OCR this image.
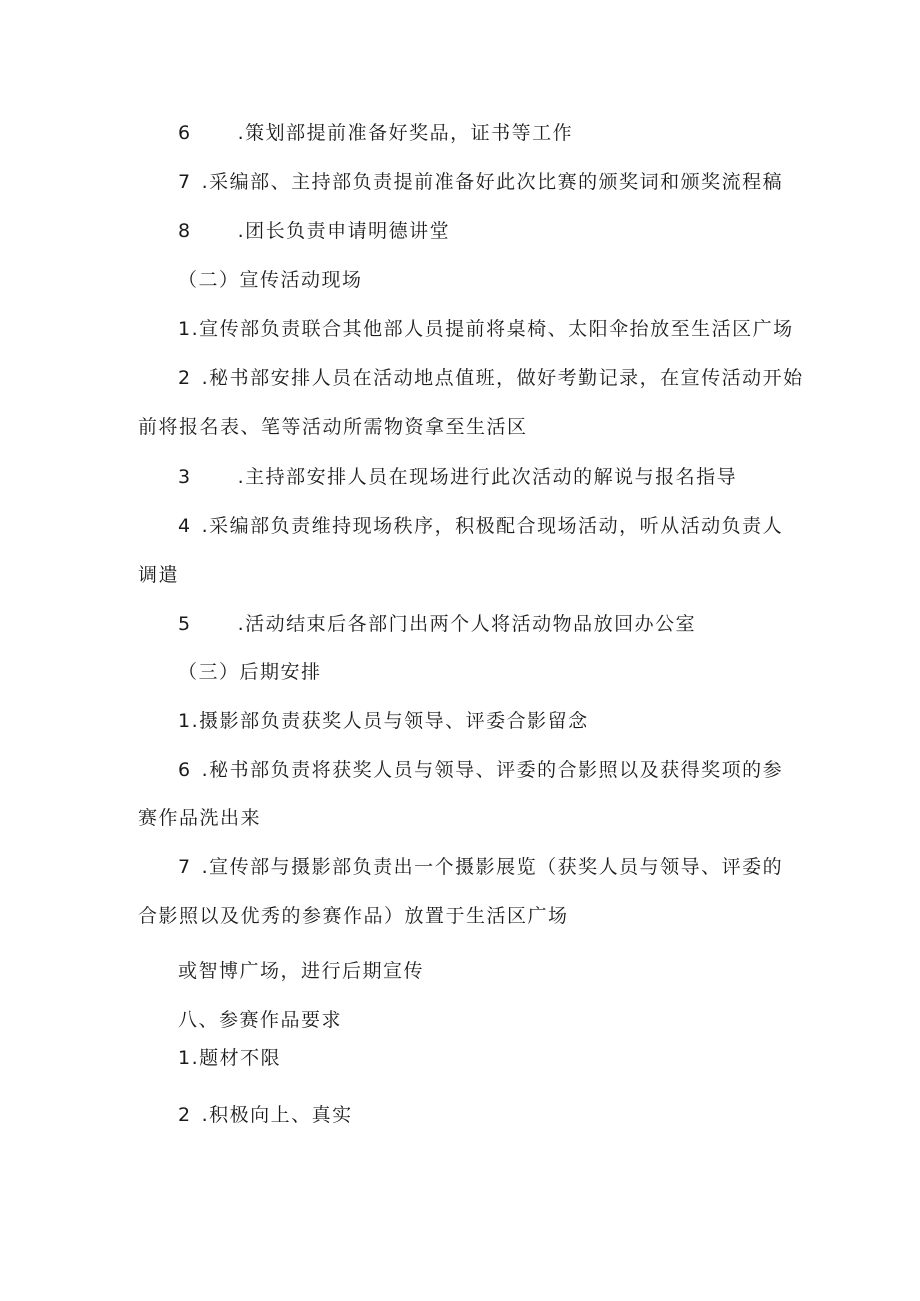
6 .策划部提前准备好奖品，证书等工作
7 .采编部、主持部负责提前准备好此次比赛的颁奖词和颁奖流程稿
8 .团长负责申请明德讲堂
（二）宣传活动现场
1.宣传部负责联合其他部人员提前将桌椅、太阳伞抬放至生活区广场
2 .秘书部安排人员在活动地点值班，做好考勤记录，在宣传活动开始
前将报名表、笔等活动所需物资拿至生活区
3 .主持部安排人员在现场进行此次活动的解说与报名指导
4 .采编部负责维持现场秩序，积极配合现场活动，听从活动负责人
调遣
5 .活动结束后各部门出两个人将活动物品放回办公室
（三）后期安排
1.摄影部负责获奖人员与领导、评委合影留念
6 .秘书部负责将获奖人员与领导、评委的合影照以及获得奖项的参
赛作品洗出来
7 .宣传部与摄影部负责出一个摄影展览（获奖人员与领导、评委的
合影照以及优秀的参赛作品）放置于生活区广场
或智博广场，进行后期宣传
八、参赛作品要求
1.题材不限
2 .积极向上、真实
